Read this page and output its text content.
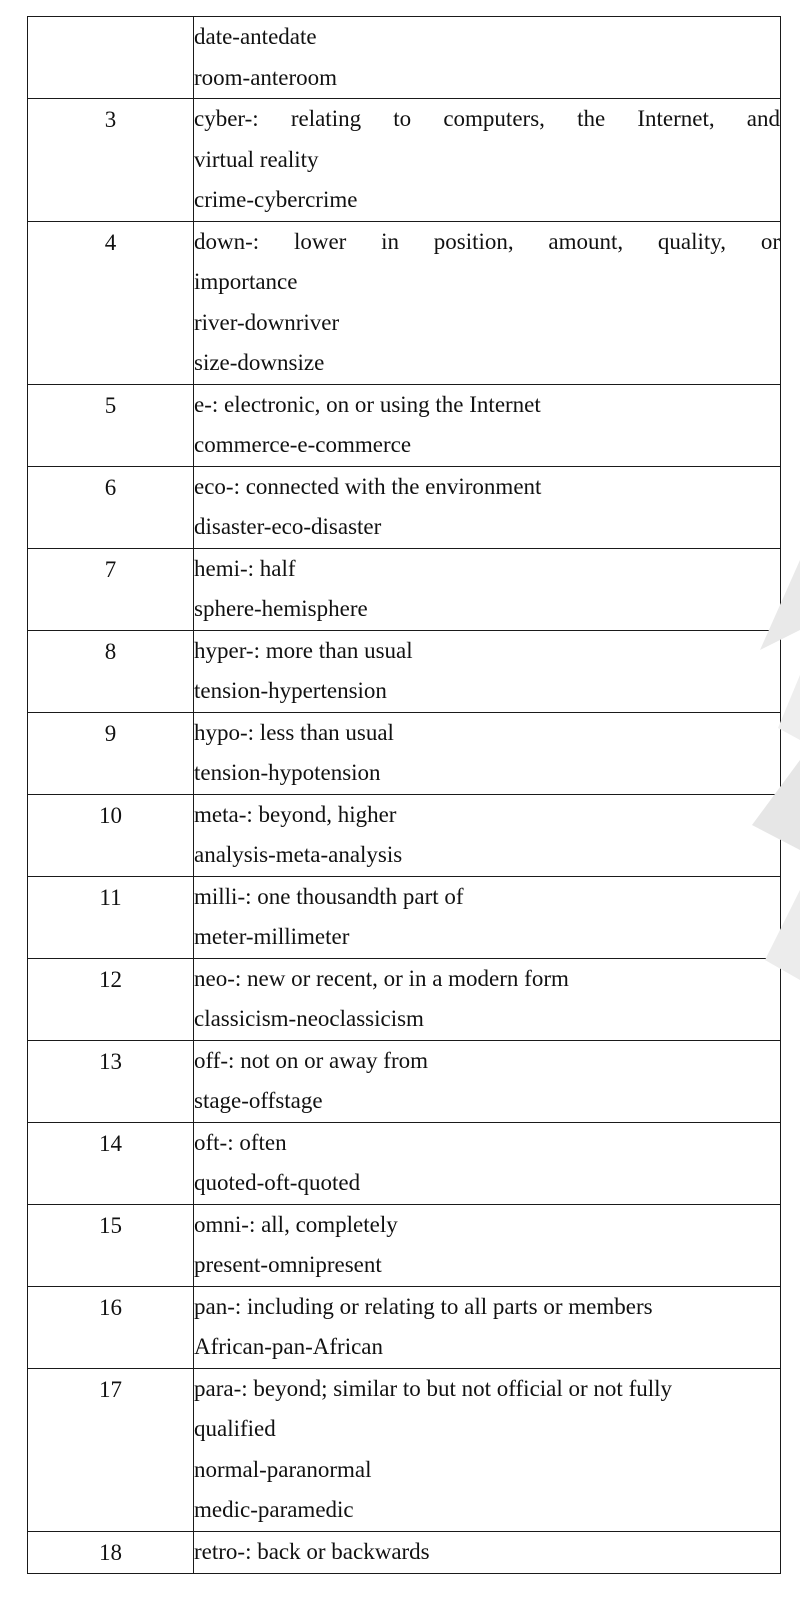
	date-antedate
room-anteroom

3	cyber-: relating to computers, the Internet, and
virtual reality
crime-cybercrime

4	down-: lower in position, amount, quality, or
importance
river-downriver
size-downsize

5	e-: electronic, on or using the Internet
commerce-e-commerce

6	eco-: connected with the environment
disaster-eco-disaster

7	hemi-: half
sphere-hemisphere

8	hyper-: more than usual
tension-hypertension

9	hypo-: less than usual
tension-hypotension

10	meta-: beyond, higher
analysis-meta-analysis

11	milli-: one thousandth part of
meter-millimeter

12	neo-: new or recent, or in a modern form
classicism-neoclassicism

13	off-: not on or away from
stage-offstage

14	oft-: often
quoted-oft-quoted

15	omni-: all, completely
present-omnipresent

16	pan-: including or relating to all parts or members
African-pan-African

17	para-: beyond; similar to but not official or not fully
qualified
normal-paranormal
medic-paramedic

18	retro-: back or backwards
